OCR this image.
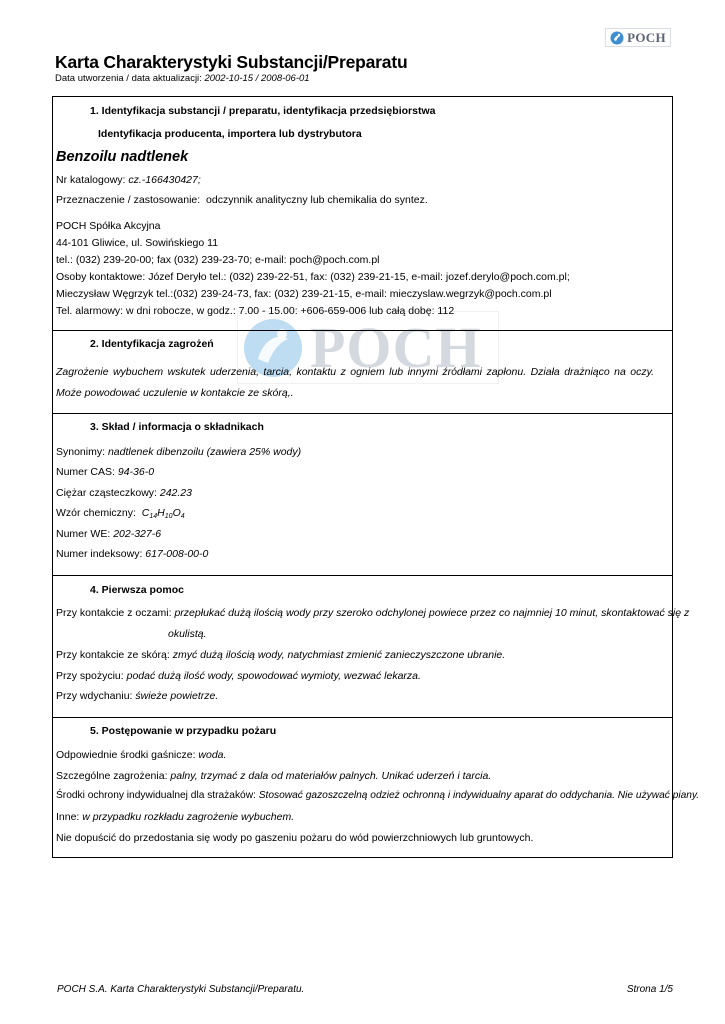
POCH
Karta Charakterystyki Substancji/Preparatu
Data utworzenia / data aktualizacji: 2002-10-15 / 2008-06-01
POCH
1. Identyfikacja substancji / preparatu, identyfikacja przedsiębiorstwa
Identyfikacja producenta, importera lub dystrybutora
Benzoilu nadtlenek
Nr katalogowy: cz.-166430427;
Przeznaczenie / zastosowanie: odczynnik analityczny lub chemikalia do syntez.
POCH Spółka Akcyjna
44-101 Gliwice, ul. Sowińskiego 11
tel.: (032) 239-20-00; fax (032) 239-23-70; e-mail: poch@poch.com.pl
Osoby kontaktowe: Józef Deryło tel.: (032) 239-22-51, fax: (032) 239-21-15, e-mail: jozef.derylo@poch.com.pl;
Mieczysław Węgrzyk tel.:(032) 239-24-73, fax: (032) 239-21-15, e-mail: mieczyslaw.wegrzyk@poch.com.pl
Tel. alarmowy: w dni robocze, w godz.: 7.00 - 15.00: +606-659-006 lub całą dobę: 112
2. Identyfikacja zagrożeń
Zagrożenie wybuchem wskutek uderzenia, tarcia, kontaktu z ogniem lub innymi źródłami zapłonu. Działa drażniąco na oczy. Może powodować uczulenie w kontakcie ze skórą,.
3. Skład / informacja o składnikach
Synonimy: nadtlenek dibenzoilu (zawiera 25% wody)
Numer CAS: 94-36-0
Ciężar cząsteczkowy: 242.23
Wzór chemiczny: $C_{14}H_{10}O_4$
Numer WE: 202-327-6
Numer indeksowy: 617-008-00-0
4. Pierwsza pomoc
Przy kontakcie z oczami: przepłukać dużą ilością wody przy szeroko odchylonej powiece przez co najmniej 10 minut, skontaktować się z
okulistą.
Przy kontakcie ze skórą: zmyć dużą ilością wody, natychmiast zmienić zanieczyszczone ubranie.
Przy spożyciu: podać dużą ilość wody, spowodować wymioty, wezwać lekarza.
Przy wdychaniu: świeże powietrze.
5. Postępowanie w przypadku pożaru
Odpowiednie środki gaśnicze: woda.
Szczególne zagrożenia: palny, trzymać z dala od materiałów palnych. Unikać uderzeń i tarcia.
Środki ochrony indywidualnej dla strażaków: Stosować gazoszczelną odzież ochronną i indywidualny aparat do oddychania. Nie używać piany.
Inne: w przypadku rozkładu zagrożenie wybuchem.
Nie dopuścić do przedostania się wody po gaszeniu pożaru do wód powierzchniowych lub gruntowych.
POCH S.A. Karta Charakterystyki Substancji/Preparatu.	Strona 1/5
